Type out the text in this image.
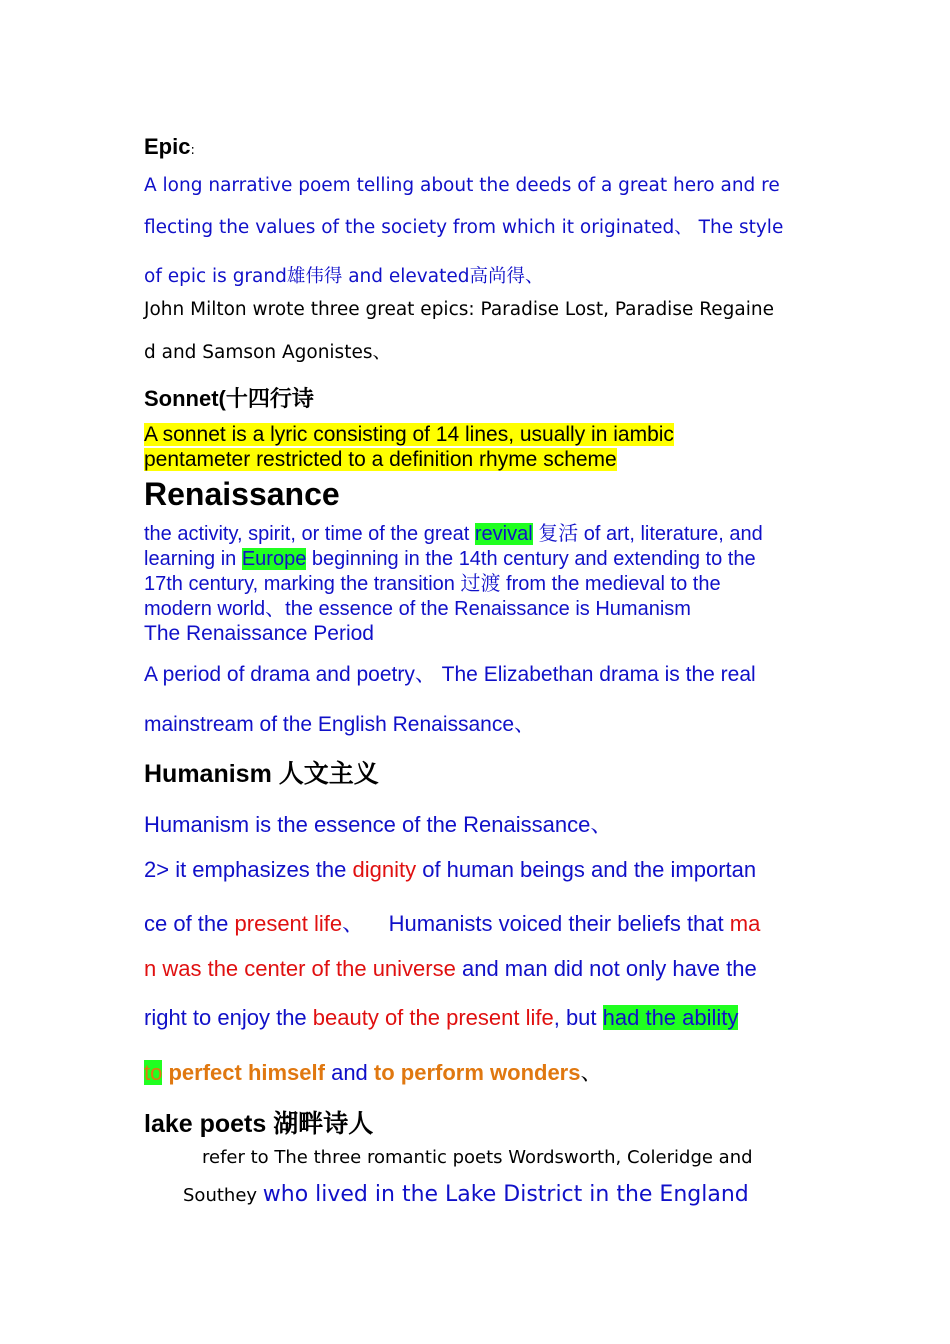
Epic:
A long narrative poem telling about the deeds of a great hero and re
flecting the values of the society from which it originated、 The style
of epic is grand雄伟得 and elevated高尚得、
John Milton wrote three great epics: Paradise Lost, Paradise Regaine
d and Samson Agonistes、
Sonnet(十四行诗
A sonnet is a lyric consisting of 14 lines, usually in iambic
pentameter restricted to a definition rhyme scheme
Renaissance
the activity, spirit, or time of the great revival 复活 of art, literature, and
learning in Europe beginning in the 14th century and extending to the
17th century, marking the transition 过渡 from the medieval to the
modern world、the essence of the Renaissance is Humanism
The Renaissance Period
A period of drama and poetry、 The Elizabethan drama is the real
mainstream of the English Renaissance、
Humanism 人文主义
Humanism is the essence of the Renaissance、
2> it emphasizes the dignity of human beings and the importan
ce of the present life、    Humanists voiced their beliefs that ma
n was the center of the universe and man did not only have the
right to enjoy the beauty of the present life, but had the ability
to perfect himself and to perform wonders、
lake poets 湖畔诗人
refer to The three romantic poets Wordsworth, Coleridge and
Southey who lived in the Lake District in the England
